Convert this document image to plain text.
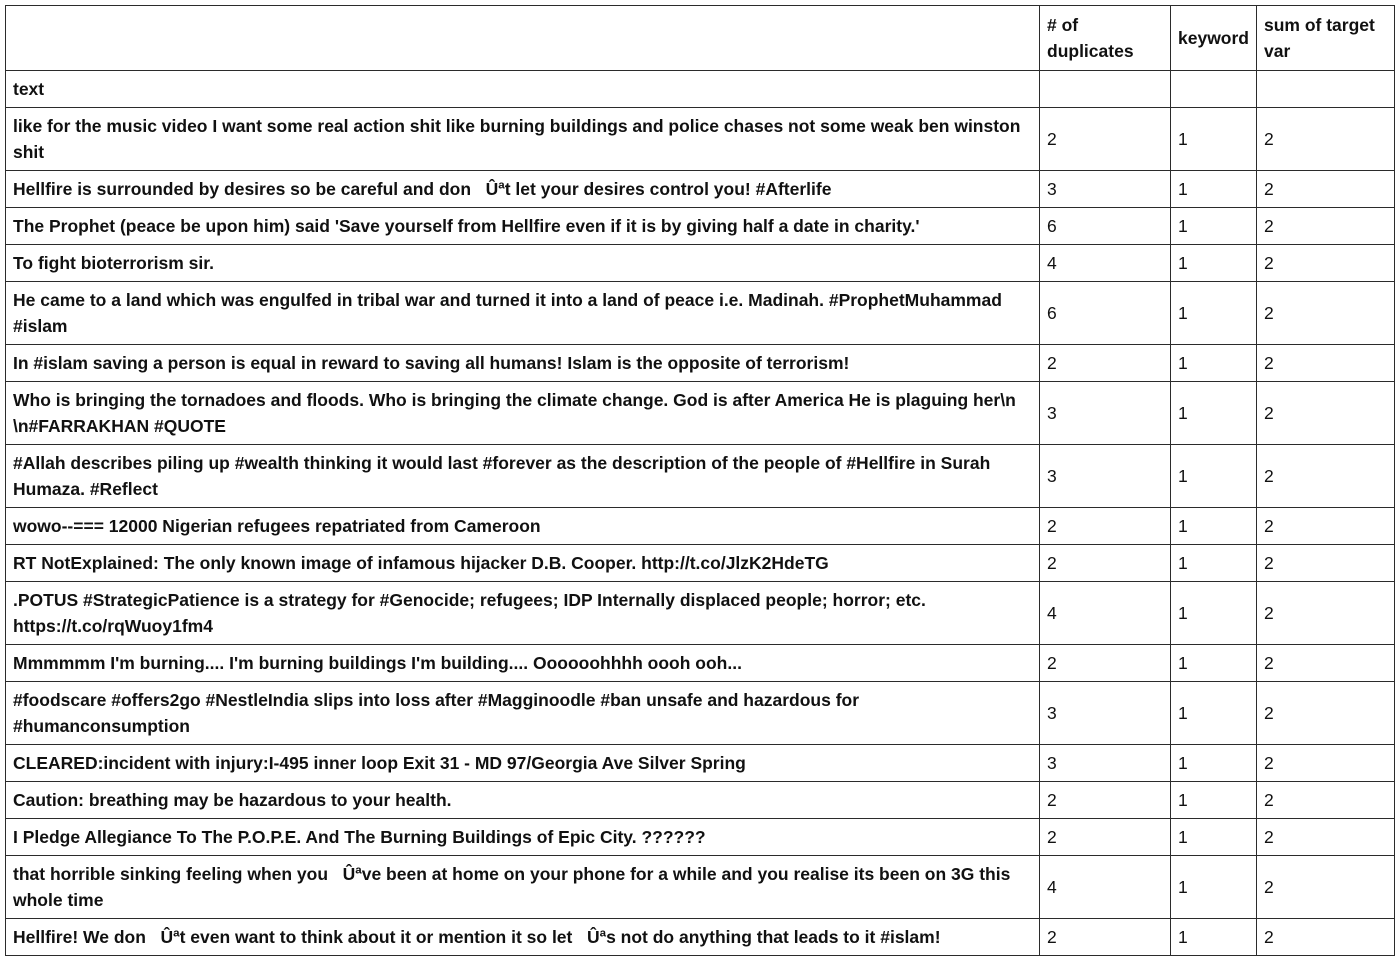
	# of duplicates	keyword	sum of target var
text			
like for the music video I want some real action shit like burning buildings and police chases not some weak ben winston shit	2	1	2
Hellfire is surrounded by desires so be careful and don   Ûªt let your desires control you! #Afterlife	3	1	2
The Prophet (peace be upon him) said 'Save yourself from Hellfire even if it is by giving half a date in charity.'	6	1	2
To fight bioterrorism sir.	4	1	2
He came to a land which was engulfed in tribal war and turned it into a land of peace i.e. Madinah. #ProphetMuhammad #islam	6	1	2
In #islam saving a person is equal in reward to saving all humans! Islam is the opposite of terrorism!	2	1	2
Who is bringing the tornadoes and floods. Who is bringing the climate change. God is after America He is plaguing her\n \n#FARRAKHAN #QUOTE	3	1	2
#Allah describes piling up #wealth thinking it would last #forever as the description of the people of #Hellfire in Surah Humaza. #Reflect	3	1	2
wowo--=== 12000 Nigerian refugees repatriated from Cameroon	2	1	2
RT NotExplained: The only known image of infamous hijacker D.B. Cooper. http://t.co/JlzK2HdeTG	2	1	2
.POTUS #StrategicPatience is a strategy for #Genocide; refugees; IDP Internally displaced people; horror; etc. https://t.co/rqWuoy1fm4	4	1	2
Mmmmmm I'm burning.... I'm burning buildings I'm building.... Oooooohhhh oooh ooh...	2	1	2
#foodscare #offers2go #NestleIndia slips into loss after #Magginoodle #ban unsafe and hazardous for #humanconsumption	3	1	2
CLEARED:incident with injury:I-495 inner loop Exit 31 - MD 97/Georgia Ave Silver Spring	3	1	2
Caution: breathing may be hazardous to your health.	2	1	2
I Pledge Allegiance To The P.O.P.E. And The Burning Buildings of Epic City. ??????	2	1	2
that horrible sinking feeling when you   Ûªve been at home on your phone for a while and you realise its been on 3G this whole time	4	1	2
Hellfire! We don   Ûªt even want to think about it or mention it so let   Ûªs not do anything that leads to it #islam!	2	1	2
